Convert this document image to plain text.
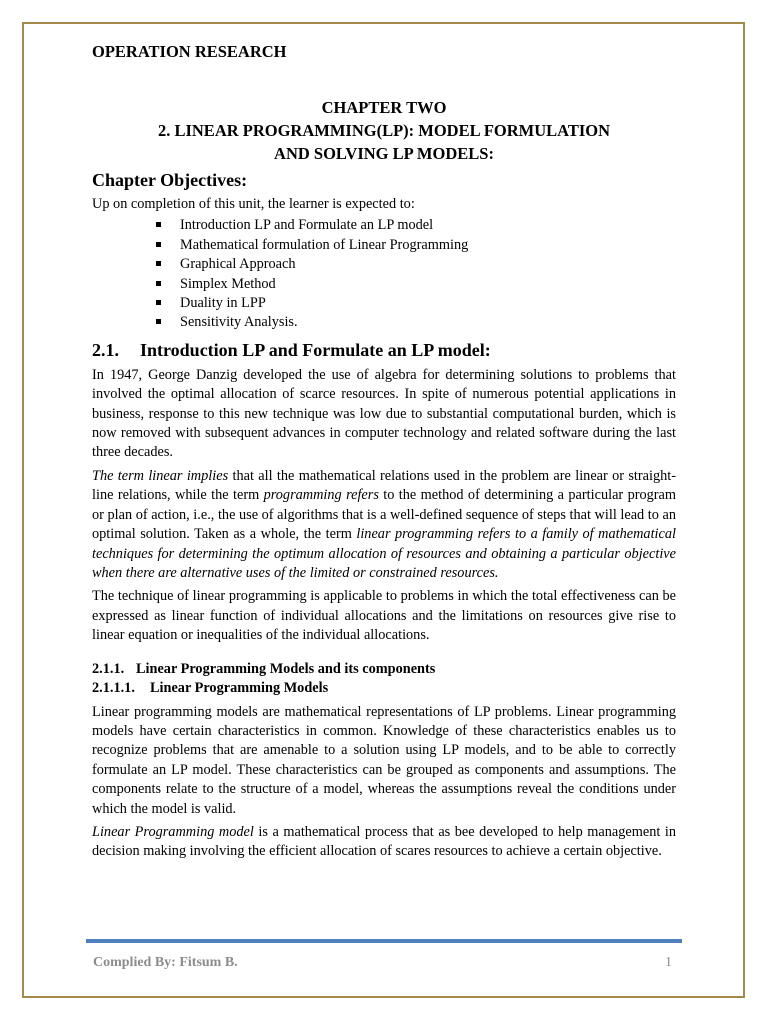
OPERATION RESEARCH
CHAPTER TWO
2. LINEAR PROGRAMMING(LP): MODEL FORMULATION
AND SOLVING LP MODELS:
Chapter Objectives:

Up on completion of this unit, the learner is expected to:

Introduction LP and Formulate an LP model
Mathematical formulation of Linear Programming
Graphical Approach
Simplex Method
Duality in LPP
Sensitivity Analysis.
2.1. Introduction LP and Formulate an LP model:

In 1947, George Danzig developed the use of algebra for determining solutions to problems that involved the optimal allocation of scarce resources. In spite of numerous potential applications in business, response to this new technique was low due to substantial computational burden, which is now removed with subsequent advances in computer technology and related software during the last three decades.

The term linear implies that all the mathematical relations used in the problem are linear or straight-line relations, while the term programming refers to the method of determining a particular program or plan of action, i.e., the use of algorithms that is a well-defined sequence of steps that will lead to an optimal solution. Taken as a whole, the term linear programming refers to a family of mathematical techniques for determining the optimum allocation of resources and obtaining a particular objective when there are alternative uses of the limited or constrained resources.

The technique of linear programming is applicable to problems in which the total effectiveness can be expressed as linear function of individual allocations and the limitations on resources give rise to linear equation or inequalities of the individual allocations.

2.1.1. Linear Programming Models and its components
2.1.1.1. Linear Programming Models

Linear programming models are mathematical representations of LP problems. Linear programming models have certain characteristics in common. Knowledge of these characteristics enables us to recognize problems that are amenable to a solution using LP models, and to be able to correctly formulate an LP model. These characteristics can be grouped as components and assumptions. The components relate to the structure of a model, whereas the assumptions reveal the conditions under which the model is valid.

Linear Programming model is a mathematical process that as bee developed to help management in decision making involving the efficient allocation of scares resources to achieve a certain objective.

Complied By: Fitsum B.	1
